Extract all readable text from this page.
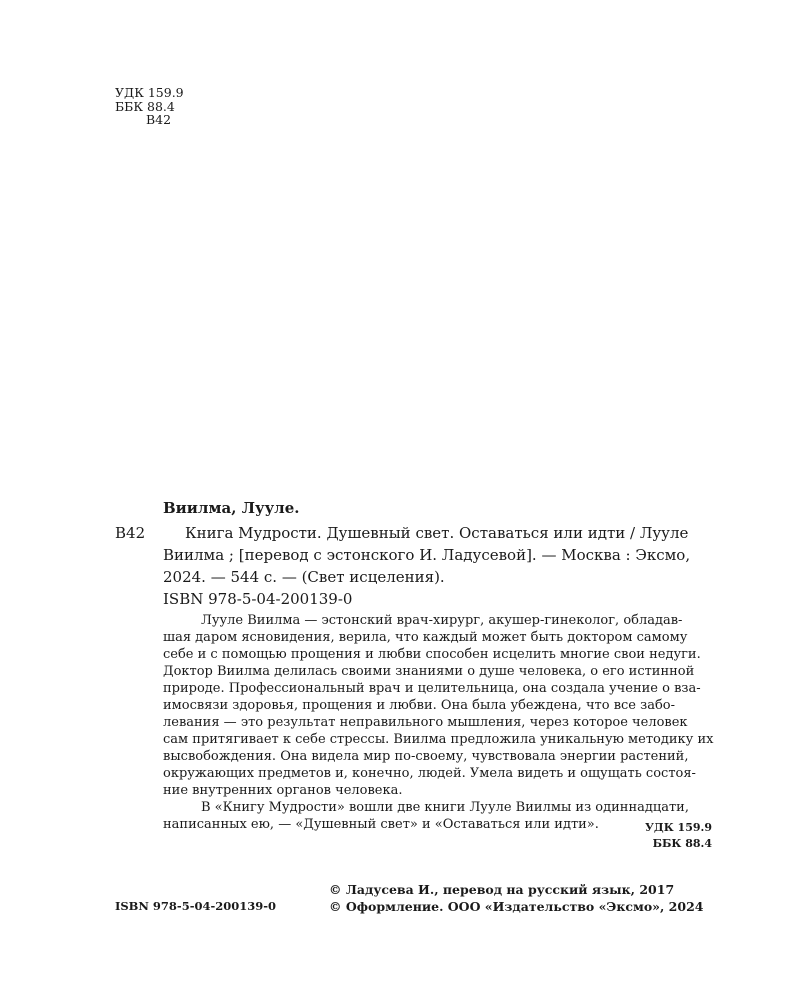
УДК 159.9
ББК 88.4
В42
Виилма, Лууле.
В42	Книга Мудрости. Душевный свет. Оставаться или идти / Лууле
Виилма ; [перевод с эстонского И. Ладусевой]. — Москва : Эксмо,
2024. — 544 с. — (Свет исцеления).
ISBN 978-5-04-200139-0
Лууле Виилма — эстонский врач-хирург, акушер-гинеколог, обладав-
шая даром ясновидения, верила, что каждый может быть доктором самому
себе и с помощью прощения и любви способен исцелить многие свои недуги.
Доктор Виилма делилась своими знаниями о душе человека, о его истинной
природе. Профессиональный врач и целительница, она создала учение о вза-
имосвязи здоровья, прощения и любви. Она была убеждена, что все забо-
левания — это результат неправильного мышления, через которое человек
сам притягивает к себе стрессы. Виилма предложила уникальную методику их
высвобождения. Она видела мир по-своему, чувствовала энергии растений,
окружающих предметов и, конечно, людей. Умела видеть и ощущать состоя-
ние внутренних органов человека.
В «Книгу Мудрости» вошли две книги Лууле Виилмы из одиннадцати,
написанных ею, — «Душевный свет» и «Оставаться или идти».	УДК 159.9
ББК 88.4
ISBN 978-5-04-200139-0
© Ладусева И., перевод на русский язык, 2017
© Оформление. ООО «Издательство «Эксмо», 2024
